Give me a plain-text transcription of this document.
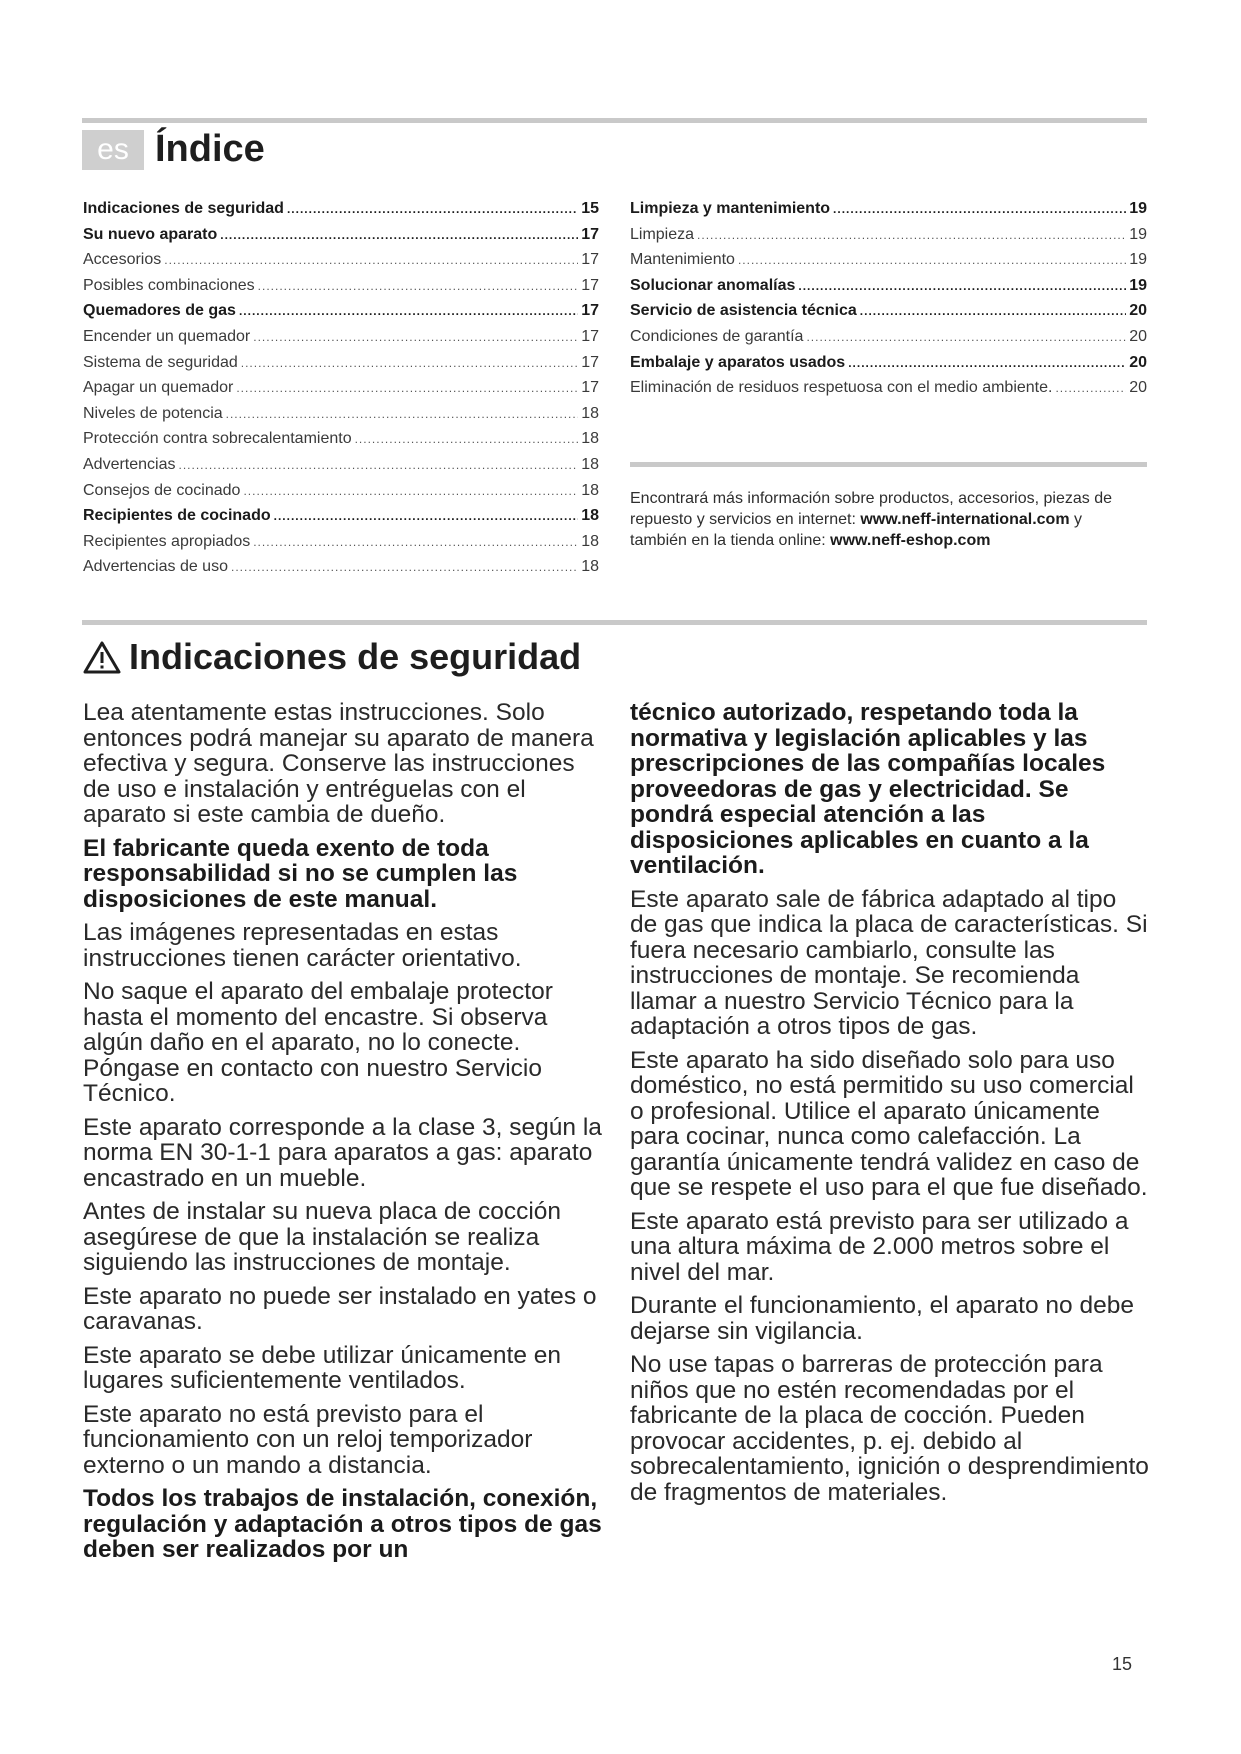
es Índice
Indicaciones de seguridad .....	15
Su nuevo aparato .....	17
Accesorios .....	17
Posibles combinaciones .....	17
Quemadores de gas .....	17
Encender un quemador .....	17
Sistema de seguridad .....	17
Apagar un quemador .....	17
Niveles de potencia .....	18
Protección contra sobrecalentamiento .....	18
Advertencias .....	18
Consejos de cocinado .....	18
Recipientes de cocinado .....	18
Recipientes apropiados .....	18
Advertencias de uso .....	18
Limpieza y mantenimiento .....	19
Limpieza .....	19
Mantenimiento .....	19
Solucionar anomalías .....	19
Servicio de asistencia técnica .....	20
Condiciones de garantía .....	20
Embalaje y aparatos usados .....	20
Eliminación de residuos respetuosa con el medio ambiente. .....	20
Encontrará más información sobre productos, accesorios, piezas de repuesto y servicios en internet: www.neff-international.com y también en la tienda online: www.neff-eshop.com
Indicaciones de seguridad

Lea atentamente estas instrucciones. Solo entonces podrá manejar su aparato de manera efectiva y segura. Conserve las instrucciones de uso e instalación y entréguelas con el aparato si este cambia de dueño.

El fabricante queda exento de toda responsabilidad si no se cumplen las disposiciones de este manual.

Las imágenes representadas en estas instrucciones tienen carácter orientativo.

No saque el aparato del embalaje protector hasta el momento del encastre. Si observa algún daño en el aparato, no lo conecte. Póngase en contacto con nuestro Servicio Técnico.

Este aparato corresponde a la clase 3, según la norma EN 30-1-1 para aparatos a gas: aparato encastrado en un mueble.

Antes de instalar su nueva placa de cocción asegúrese de que la instalación se realiza siguiendo las instrucciones de montaje.

Este aparato no puede ser instalado en yates o caravanas.

Este aparato se debe utilizar únicamente en lugares suficientemente ventilados.

Este aparato no está previsto para el funcionamiento con un reloj temporizador externo o un mando a distancia.

Todos los trabajos de instalación, conexión, regulación y adaptación a otros tipos de gas deben ser realizados por un

técnico autorizado, respetando toda la normativa y legislación aplicables y las prescripciones de las compañías locales proveedoras de gas y electricidad. Se pondrá especial atención a las disposiciones aplicables en cuanto a la ventilación.

Este aparato sale de fábrica adaptado al tipo de gas que indica la placa de características. Si fuera necesario cambiarlo, consulte las instrucciones de montaje. Se recomienda llamar a nuestro Servicio Técnico para la adaptación a otros tipos de gas.

Este aparato ha sido diseñado solo para uso doméstico, no está permitido su uso comercial o profesional. Utilice el aparato únicamente para cocinar, nunca como calefacción. La garantía únicamente tendrá validez en caso de que se respete el uso para el que fue diseñado.

Este aparato está previsto para ser utilizado a una altura máxima de 2.000 metros sobre el nivel del mar.

Durante el funcionamiento, el aparato no debe dejarse sin vigilancia.

No use tapas o barreras de protección para niños que no estén recomendadas por el fabricante de la placa de cocción. Pueden provocar accidentes, p. ej. debido al sobrecalentamiento, ignición o desprendimiento de fragmentos de materiales.

15
